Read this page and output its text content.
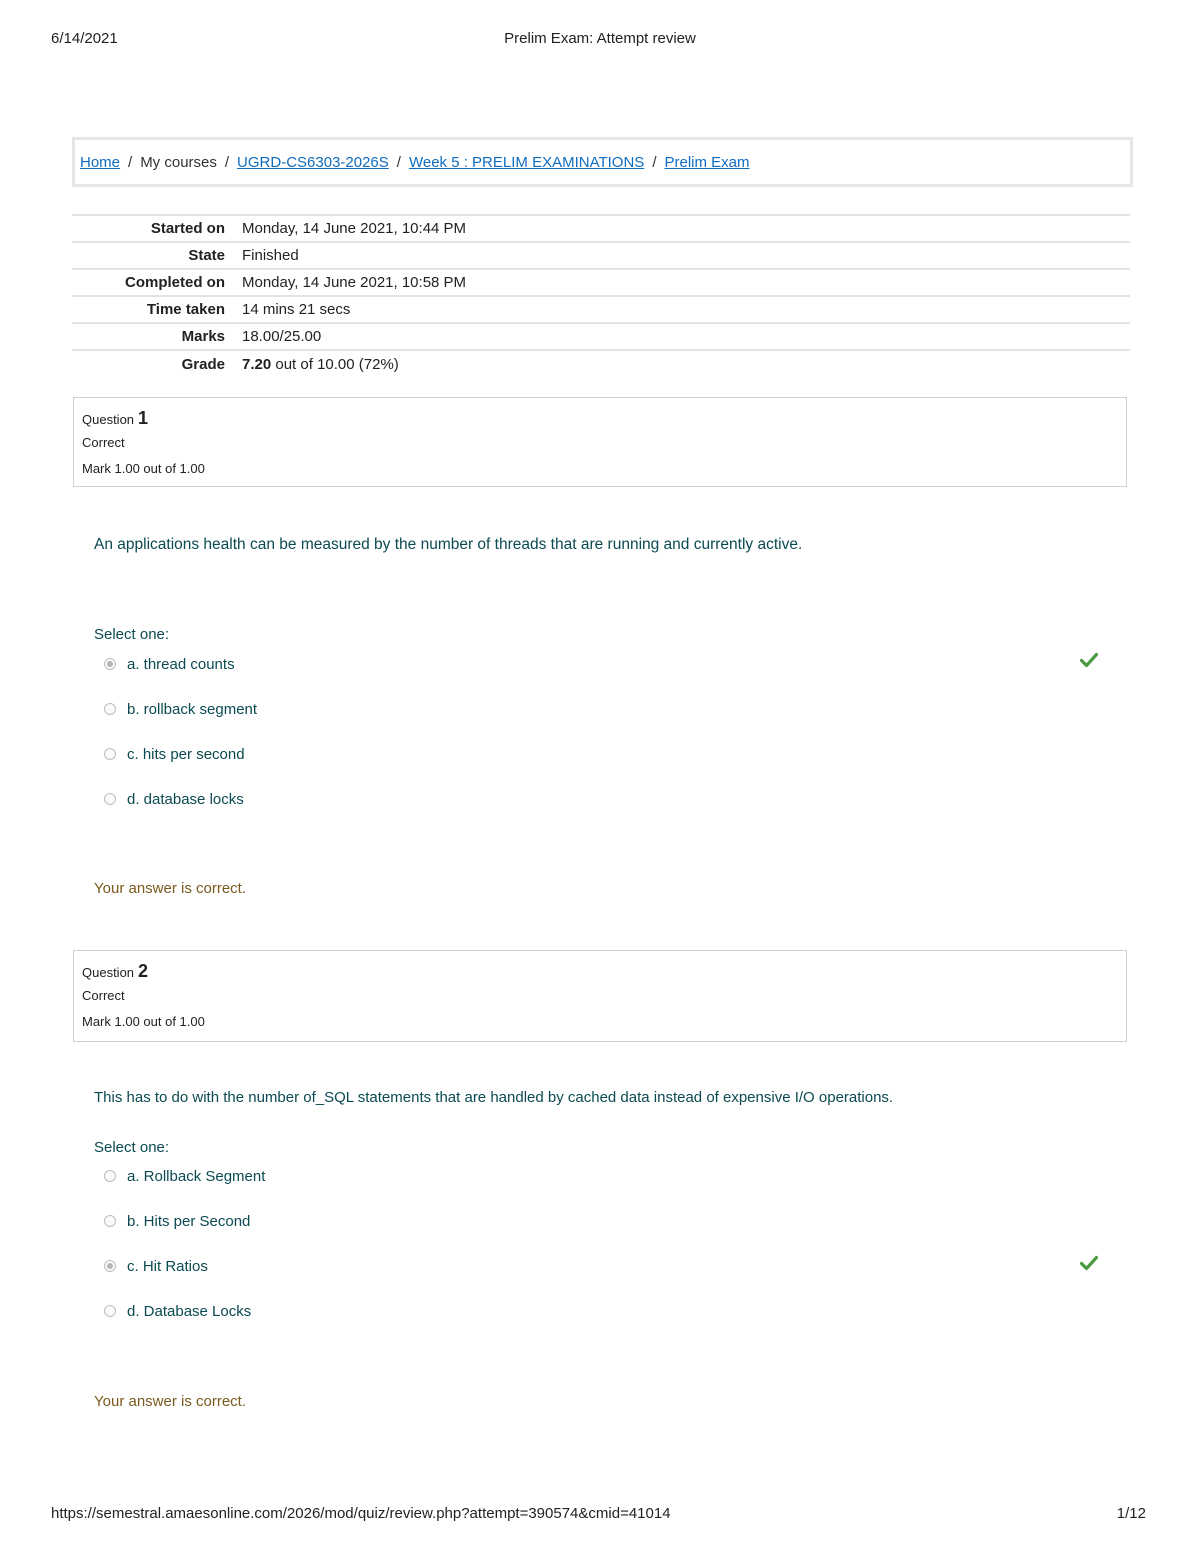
6/14/2021	Prelim Exam: Attempt review
https://semestral.amaesonline.com/2026/mod/quiz/review.php?attempt=390574&cmid=41014	1/12
Home / My courses / UGRD-CS6303-2026S / Week 5 : PRELIM EXAMINATIONS / Prelim Exam
Started on	Monday, 14 June 2021, 10:44 PM
State	Finished
Completed on	Monday, 14 June 2021, 10:58 PM
Time taken	14 mins 21 secs
Marks	18.00/25.00
Grade	7.20 out of 10.00 (72%)
Question 1
Correct
Mark 1.00 out of 1.00
An applications health can be measured by the number of threads that are running and currently active.
Select one:
a. thread counts
b. rollback segment
c. hits per second
d. database locks
Your answer is correct.
Question 2
Correct
Mark 1.00 out of 1.00
This has to do with the number of_SQL statements that are handled by cached data instead of expensive I/O operations.
Select one:
a. Rollback Segment
b. Hits per Second
c. Hit Ratios
d. Database Locks
Your answer is correct.
